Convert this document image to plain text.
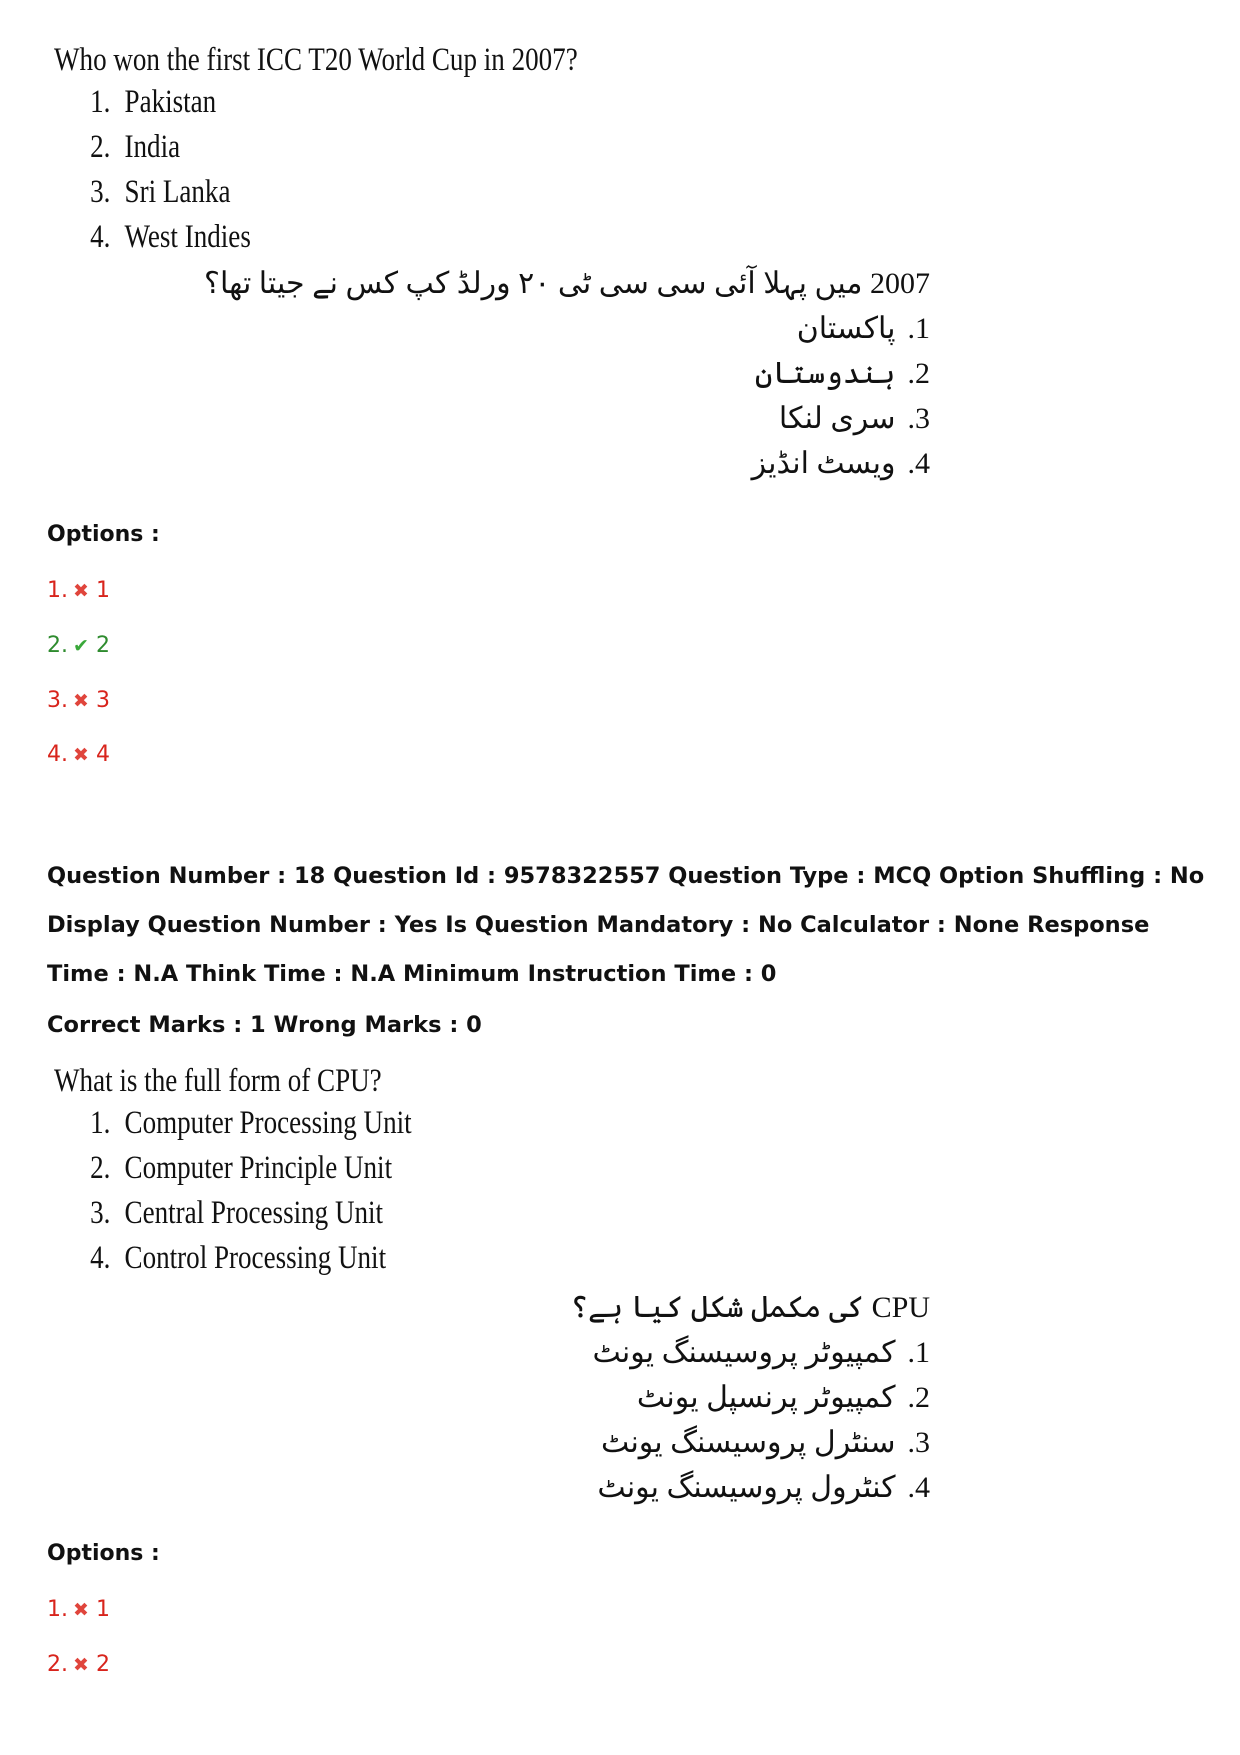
Who won the first ICC T20 World Cup in 2007?
1. Pakistan
2. India
3. Sri Lanka
4. West Indies
2007 میں پہلا آئی سی سی ٹی ۲۰ ورلڈ کپ کس نے جیتا تھا؟
1.پاکستان
2.ہندوستان
3.سری لنکا
4.ویسٹ انڈیز
Options :
1. ✖ 1
2. ✔ 2
3. ✖ 3
4. ✖ 4

Question Number : 18 Question Id : 9578322557 Question Type : MCQ Option Shuffling : No Display Question Number : Yes Is Question Mandatory : No Calculator : None Response Time : N.A Think Time : N.A Minimum Instruction Time : 0

Correct Marks : 1 Wrong Marks : 0
What is the full form of CPU?
1. Computer Processing Unit
2. Computer Principle Unit
3. Central Processing Unit
4. Control Processing Unit
CPU کی مکمل شکل کیا ہے؟
1.کمپیوٹر پروسیسنگ یونٹ
2.کمپیوٹر پرنسپل یونٹ
3.سنٹرل پروسیسنگ یونٹ
4.کنٹرول پروسیسنگ یونٹ
Options :
1. ✖ 1
2. ✖ 2
